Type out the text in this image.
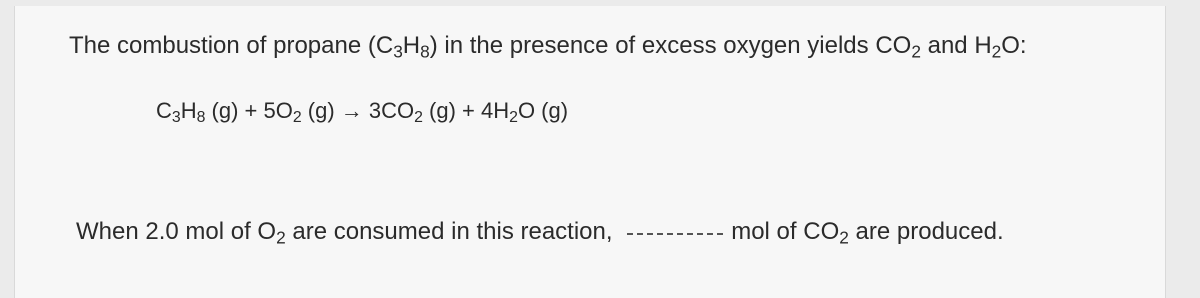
The combustion of propane $(C_3H_8)$ in the presence of excess oxygen yields $CO_2$ and $H_2O$:
$C_3H_8$ $(g) + 5O_2$ $(g) \to 3CO_2$ $(g) + 4H_2O$ (g)
When 2.0 mol of $O_2$ are consumed in this reaction,	mol of $CO_2$ are produced.
